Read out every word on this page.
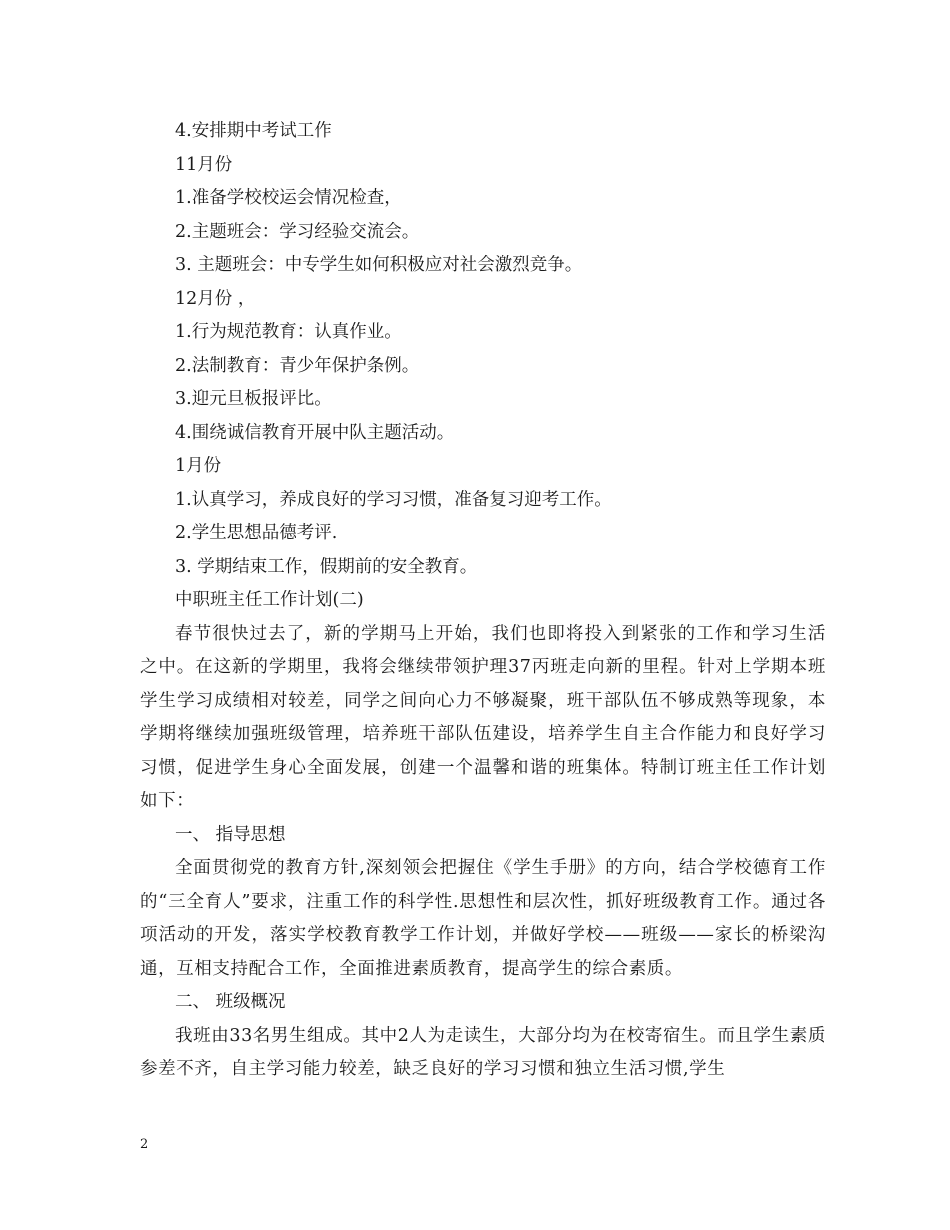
4.安排期中考试工作
11月份
1.准备学校校运会情况检查，
2.主题班会：学习经验交流会。
3. 主题班会：中专学生如何积极应对社会激烈竞争。
12月份 ，
1.行为规范教育：认真作业。
2.法制教育：青少年保护条例。
3.迎元旦板报评比。
4.围绕诚信教育开展中队主题活动。
1月份
1.认真学习，养成良好的学习习惯，准备复习迎考工作。
2.学生思想品德考评.
3. 学期结束工作，假期前的安全教育。
中职班主任工作计划(二)
春节很快过去了，新的学期马上开始，我们也即将投入到紧张的工作和学习生活之中。在这新的学期里，我将会继续带领护理37丙班走向新的里程。针对上学期本班学生学习成绩相对较差，同学之间向心力不够凝聚，班干部队伍不够成熟等现象，本学期将继续加强班级管理，培养班干部队伍建设，培养学生自主合作能力和良好学习习惯，促进学生身心全面发展，创建一个温馨和谐的班集体。特制订班主任工作计划如下：
一、 指导思想
全面贯彻党的教育方针,深刻领会把握住《学生手册》的方向，结合学校德育工作的“三全育人”要求，注重工作的科学性.思想性和层次性，抓好班级教育工作。通过各项活动的开发，落实学校教育教学工作计划，并做好学校——班级——家长的桥梁沟通，互相支持配合工作，全面推进素质教育，提高学生的综合素质。
二、 班级概况
我班由33名男生组成。其中2人为走读生，大部分均为在校寄宿生。而且学生素质参差不齐，自主学习能力较差，缺乏良好的学习习惯和独立生活习惯,学生
2
